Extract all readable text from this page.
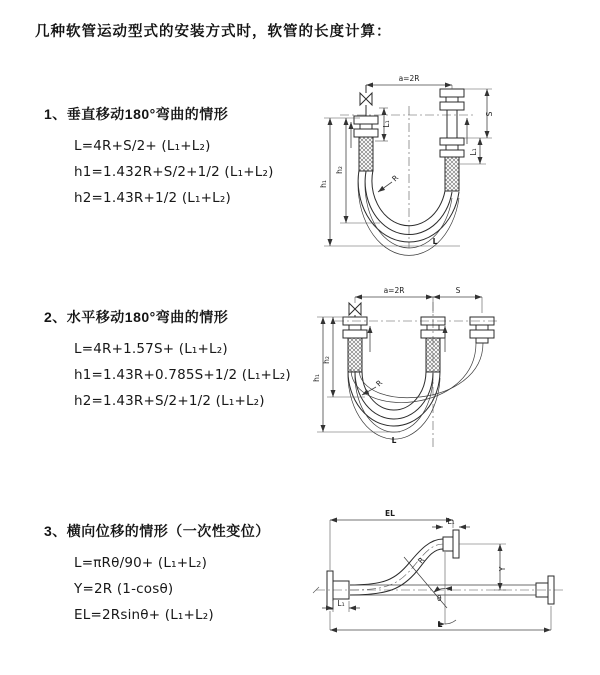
几种软管运动型式的安装方式时，软管的长度计算：
1、垂直移动180°弯曲的情形
L=4R+S/2+ (L₁+L₂)
h1=1.432R+S/2+1/2 (L₁+L₂)
h2=1.43R+1/2 (L₁+L₂)
2、水平移动180°弯曲的情形
L=4R+1.57S+ (L₁+L₂)
h1=1.43R+0.785S+1/2 (L₁+L₂)
h2=1.43R+S/2+1/2 (L₁+L₂)
3、横向位移的情形（一次性变位）
L=πRθ/90+ (L₁+L₂)
Y=2R (1-cosθ)
EL=2Rsinθ+ (L₁+L₂)
a=2R
L₁
h₂
h₁
S
L₁
R
L
a=2R	S
h₂
h₁
R
L
θ
R
EL
L₁
Y
L
L₁
